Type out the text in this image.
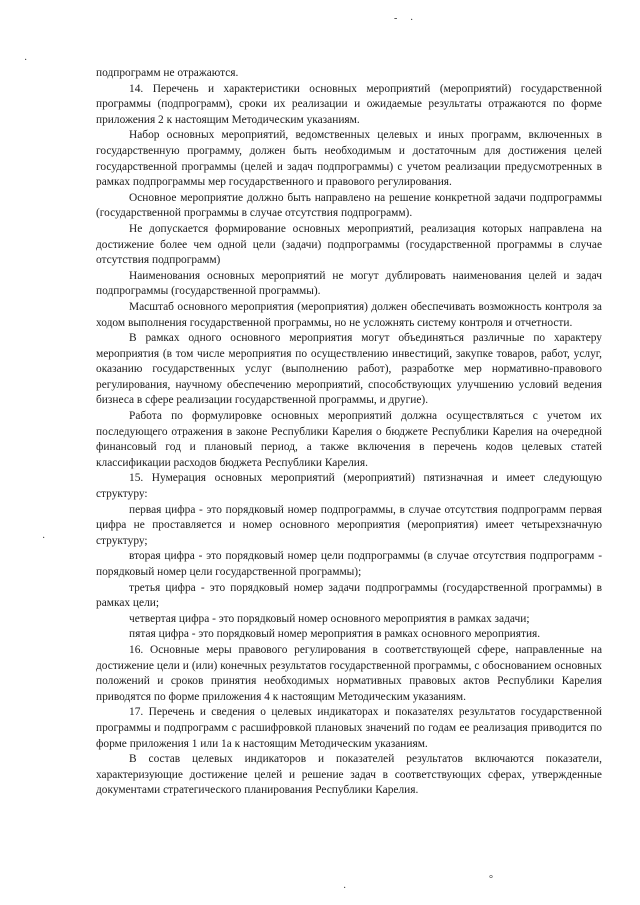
подпрограмм не отражаются.

14. Перечень и характеристики основных мероприятий (мероприятий) государственной программы (подпрограмм), сроки их реализации и ожидаемые результаты отражаются по форме приложения 2 к настоящим Методическим указаниям.

Набор основных мероприятий, ведомственных целевых и иных программ, включенных в государственную программу, должен быть необходимым и достаточным для достижения целей государственной программы (целей и задач подпрограммы) с учетом реализации предусмотренных в рамках подпрограммы мер государственного и правового регулирования.

Основное мероприятие должно быть направлено на решение конкретной задачи подпрограммы (государственной программы в случае отсутствия подпрограмм).

Не допускается формирование основных мероприятий, реализация которых направлена на достижение более чем одной цели (задачи) подпрограммы (государственной программы в случае отсутствия подпрограмм)

Наименования основных мероприятий не могут дублировать наименования целей и задач подпрограммы (государственной программы).

Масштаб основного мероприятия (мероприятия) должен обеспечивать возможность контроля за ходом выполнения государственной программы, но не усложнять систему контроля и отчетности.

В рамках одного основного мероприятия могут объединяться различные по характеру мероприятия (в том числе мероприятия по осуществлению инвестиций, закупке товаров, работ, услуг, оказанию государственных услуг (выполнению работ), разработке мер нормативно-правового регулирования, научному обеспечению мероприятий, способствующих улучшению условий ведения бизнеса в сфере реализации государственной программы, и другие).

Работа по формулировке основных мероприятий должна осуществляться с учетом их последующего отражения в законе Республики Карелия о бюджете Республики Карелия на очередной финансовый год и плановый период, а также включения в перечень кодов целевых статей классификации расходов бюджета Республики Карелия.

15. Нумерация основных мероприятий (мероприятий) пятизначная и имеет следующую структуру:

первая цифра - это порядковый номер подпрограммы, в случае отсутствия подпрограмм первая цифра не проставляется и номер основного мероприятия (мероприятия) имеет четырехзначную структуру;

вторая цифра - это порядковый номер цели подпрограммы (в случае отсутствия подпрограмм - порядковый номер цели государственной программы);

третья цифра - это порядковый номер задачи подпрограммы (государственной программы) в рамках цели;

четвертая цифра - это порядковый номер основного мероприятия в рамках задачи;

пятая цифра - это порядковый номер мероприятия в рамках основного мероприятия.

16. Основные меры правового регулирования в соответствующей сфере, направленные на достижение цели и (или) конечных результатов государственной программы, с обоснованием основных положений и сроков принятия необходимых нормативных правовых актов Республики Карелия приводятся по форме приложения 4 к настоящим Методическим указаниям.

17. Перечень и сведения о целевых индикаторах и показателях результатов государственной программы и подпрограмм с расшифровкой плановых значений по годам ее реализация приводится по форме приложения 1 или 1а к настоящим Методическим указаниям.

В состав целевых индикаторов и показателей результатов включаются показатели, характеризующие достижение целей и решение задач в соответствующих сферах, утвержденные документами стратегического планирования Республики Карелия.

·
- ·
·
·
°
